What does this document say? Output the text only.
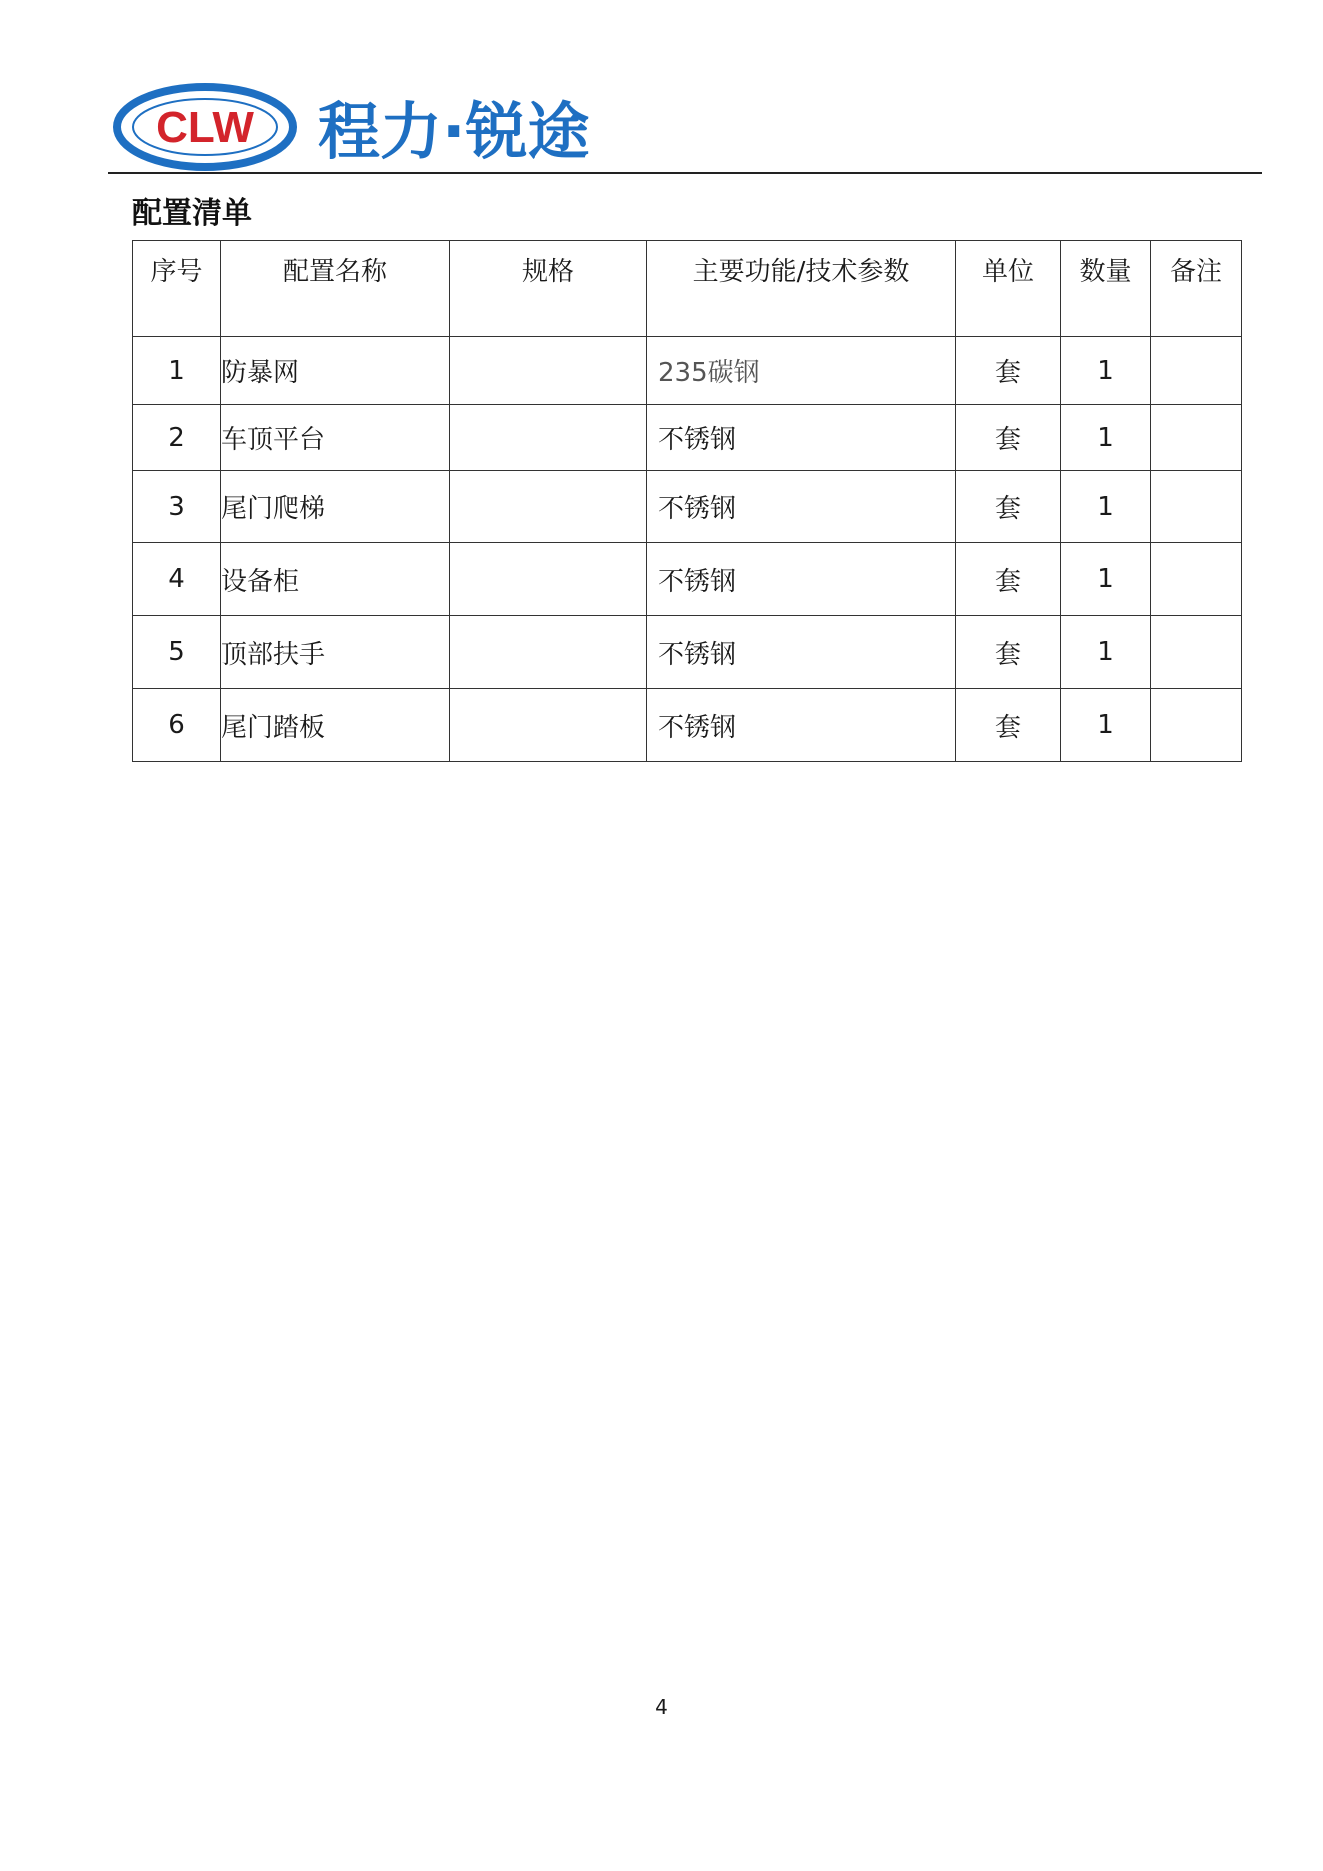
CLW 程力·锐途
配置清单
序号	配置名称	规格	主要功能/技术参数	单位	数量	备注
1	防暴网		235碳钢	套	1	
2	车顶平台		不锈钢	套	1	
3	尾门爬梯		不锈钢	套	1	
4	设备柜		不锈钢	套	1	
5	顶部扶手		不锈钢	套	1	
6	尾门踏板		不锈钢	套	1	
4
